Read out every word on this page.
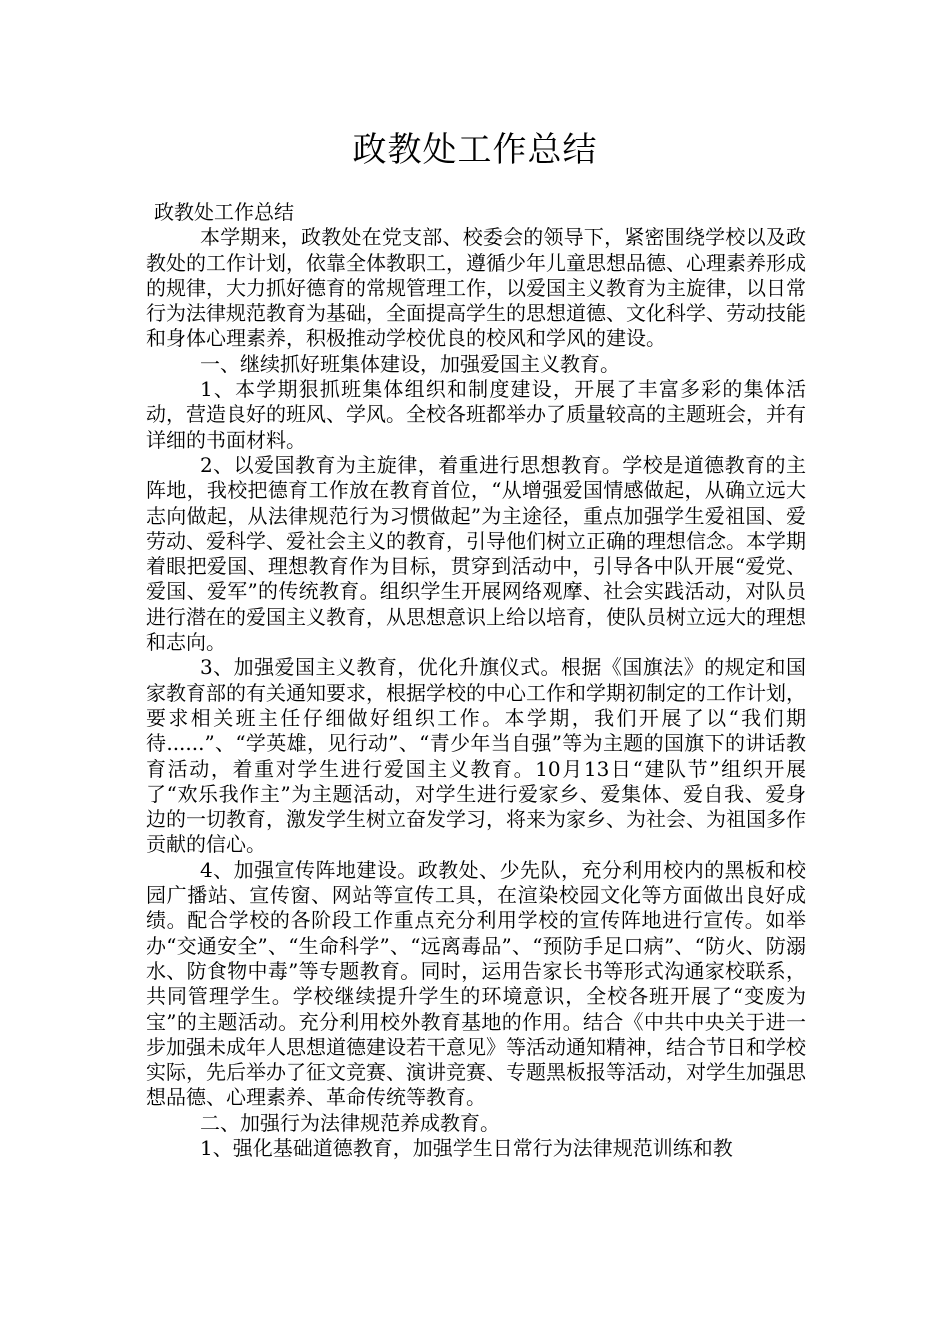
政教处工作总结

政教处工作总结

本学期来，政教处在党支部、校委会的领导下，紧密围绕学校以及政教处的工作计划，依靠全体教职工，遵循少年儿童思想品德、心理素养形成的规律，大力抓好德育的常规管理工作，以爱国主义教育为主旋律，以日常行为法律规范教育为基础，全面提高学生的思想道德、文化科学、劳动技能和身体心理素养，积极推动学校优良的校风和学风的建设。

一、继续抓好班集体建设，加强爱国主义教育。

1、本学期狠抓班集体组织和制度建设，开展了丰富多彩的集体活动，营造良好的班风、学风。全校各班都举办了质量较高的主题班会，并有详细的书面材料。

2、以爱国教育为主旋律，着重进行思想教育。学校是道德教育的主阵地，我校把德育工作放在教育首位，“从增强爱国情感做起，从确立远大志向做起，从法律规范行为习惯做起”为主途径，重点加强学生爱祖国、爱劳动、爱科学、爱社会主义的教育，引导他们树立正确的理想信念。本学期着眼把爱国、理想教育作为目标，贯穿到活动中，引导各中队开展“爱党、爱国、爱军”的传统教育。组织学生开展网络观摩、社会实践活动，对队员进行潜在的爱国主义教育，从思想意识上给以培育，使队员树立远大的理想和志向。

3、加强爱国主义教育，优化升旗仪式。根据《国旗法》的规定和国家教育部的有关通知要求，根据学校的中心工作和学期初制定的工作计划，要求相关班主任仔细做好组织工作。本学期，我们开展了以“我们期待......”、“学英雄，见行动”、“青少年当自强”等为主题的国旗下的讲话教育活动，着重对学生进行爱国主义教育。10月13日“建队节”组织开展了“欢乐我作主”为主题活动，对学生进行爱家乡、爱集体、爱自我、爱身边的一切教育，激发学生树立奋发学习，将来为家乡、为社会、为祖国多作贡献的信心。

4、加强宣传阵地建设。政教处、少先队，充分利用校内的黑板和校园广播站、宣传窗、网站等宣传工具，在渲染校园文化等方面做出良好成绩。配合学校的各阶段工作重点充分利用学校的宣传阵地进行宣传。如举办“交通安全”、“生命科学”、“远离毒品”、“预防手足口病”、“防火、防溺水、防食物中毒”等专题教育。同时，运用告家长书等形式沟通家校联系，共同管理学生。学校继续提升学生的环境意识，全校各班开展了“变废为宝”的主题活动。充分利用校外教育基地的作用。结合《中共中央关于进一步加强未成年人思想道德建设若干意见》等活动通知精神，结合节日和学校实际，先后举办了征文竞赛、演讲竞赛、专题黑板报等活动，对学生加强思想品德、心理素养、革命传统等教育。

二、加强行为法律规范养成教育。

1、强化基础道德教育，加强学生日常行为法律规范训练和教
